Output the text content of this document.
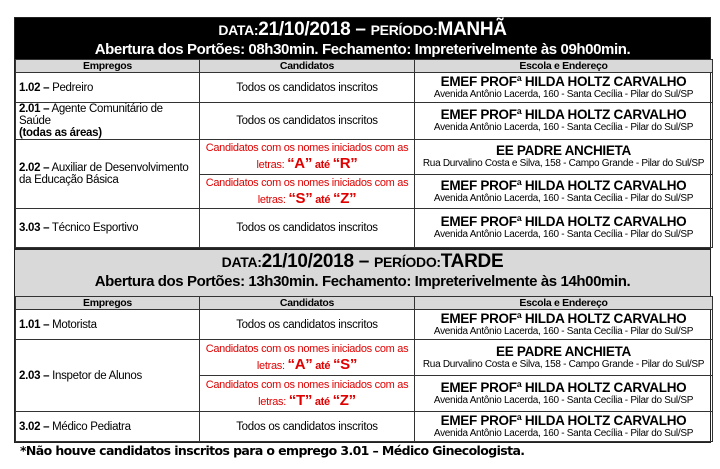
DATA:21/10/2018 – PERÍODO:MANHÃ
Abertura dos Portões: 08h30min. Fechamento: Impreterivelmente às 09h00min.
Empregos	Candidatos	Escola e Endereço
1.02 – Pedreiro	Todos os candidatos inscritos	EMEF PROFª HILDA HOLTZ CARVALHO
Avenida Antônio Lacerda, 160 - Santa Cecília - Pilar do Sul/SP

2.01 – Agente Comunitário de Saúde
(todas as áreas)	Todos os candidatos inscritos	EMEF PROFª HILDA HOLTZ CARVALHO
Avenida Antônio Lacerda, 160 - Santa Cecília - Pilar do Sul/SP

2.02 – Auxiliar de Desenvolvimento da Educação Básica	Candidatos com os nomes iniciados com as letras: “A” até “R”	EE PADRE ANCHIETA
Rua Durvalino Costa e Silva, 158 - Campo Grande - Pilar do Sul/SP

	Candidatos com os nomes iniciados com as letras: “S” até “Z”	EMEF PROFª HILDA HOLTZ CARVALHO
Avenida Antônio Lacerda, 160 - Santa Cecília - Pilar do Sul/SP

3.03 – Técnico Esportivo	Todos os candidatos inscritos	EMEF PROFª HILDA HOLTZ CARVALHO
Avenida Antônio Lacerda, 160 - Santa Cecília - Pilar do Sul/SP
DATA:21/10/2018 – PERÍODO:TARDE
Abertura dos Portões: 13h30min. Fechamento: Impreterivelmente às 14h00min.
Empregos	Candidatos	Escola e Endereço
1.01 – Motorista	Todos os candidatos inscritos	EMEF PROFª HILDA HOLTZ CARVALHO
Avenida Antônio Lacerda, 160 - Santa Cecília - Pilar do Sul/SP

2.03 – Inspetor de Alunos	Candidatos com os nomes iniciados com as letras: “A” até “S”	EE PADRE ANCHIETA
Rua Durvalino Costa e Silva, 158 - Campo Grande - Pilar do Sul/SP

	Candidatos com os nomes iniciados com as letras: “T” até “Z”	EMEF PROFª HILDA HOLTZ CARVALHO
Avenida Antônio Lacerda, 160 - Santa Cecília - Pilar do Sul/SP

3.02 – Médico Pediatra	Todos os candidatos inscritos	EMEF PROFª HILDA HOLTZ CARVALHO
Avenida Antônio Lacerda, 160 - Santa Cecília - Pilar do Sul/SP
*Não houve candidatos inscritos para o emprego 3.01 – Médico Ginecologista.
